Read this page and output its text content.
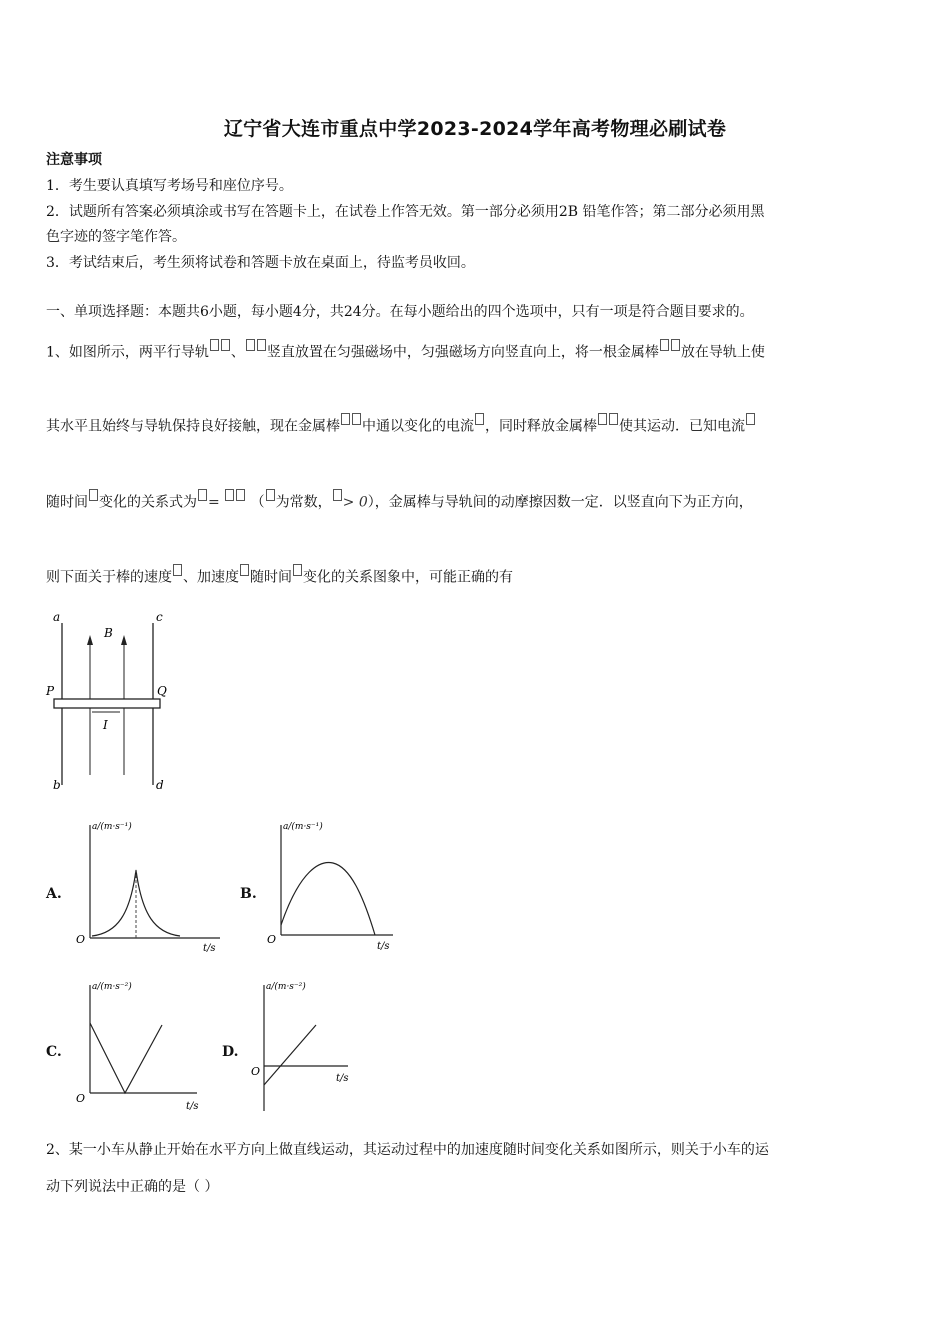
辽宁省大连市重点中学2023-2024学年高考物理必刷试卷
注意事项
1．考生要认真填写考场号和座位序号。
2．试题所有答案必须填涂或书写在答题卡上，在试卷上作答无效。第一部分必须用2B 铅笔作答；第二部分必须用黑
色字迹的签字笔作答。
3．考试结束后，考生须将试卷和答题卡放在桌面上，待监考员收回。
一、单项选择题：本题共6小题，每小题4分，共24分。在每小题给出的四个选项中，只有一项是符合题目要求的。
1、如图所示，两平行导轨 、 竖直放置在匀强磁场中，匀强磁场方向竖直向上，将一根金属棒 放在导轨上使
其水平且始终与导轨保持良好接触，现在金属棒 中通以变化的电流 ，同时释放金属棒 使其运动．已知电流
随时间 变化的关系式为 =  （ 为常数， > 0），金属棒与导轨间的动摩擦因数一定．以竖直向下为正方向，
则下面关于棒的速度 、加速度 随时间 变化的关系图象中，可能正确的有
a	c
B
P	Q
I
b	d
A.
a/(m·s⁻¹)
O
t/s
B.
a/(m·s⁻¹)
O
t/s
C.
a/(m·s⁻²)
O
t/s
D.
a/(m·s⁻²)
O
t/s
2、某一小车从静止开始在水平方向上做直线运动，其运动过程中的加速度随时间变化关系如图所示，则关于小车的运
动下列说法中正确的是（ ）
